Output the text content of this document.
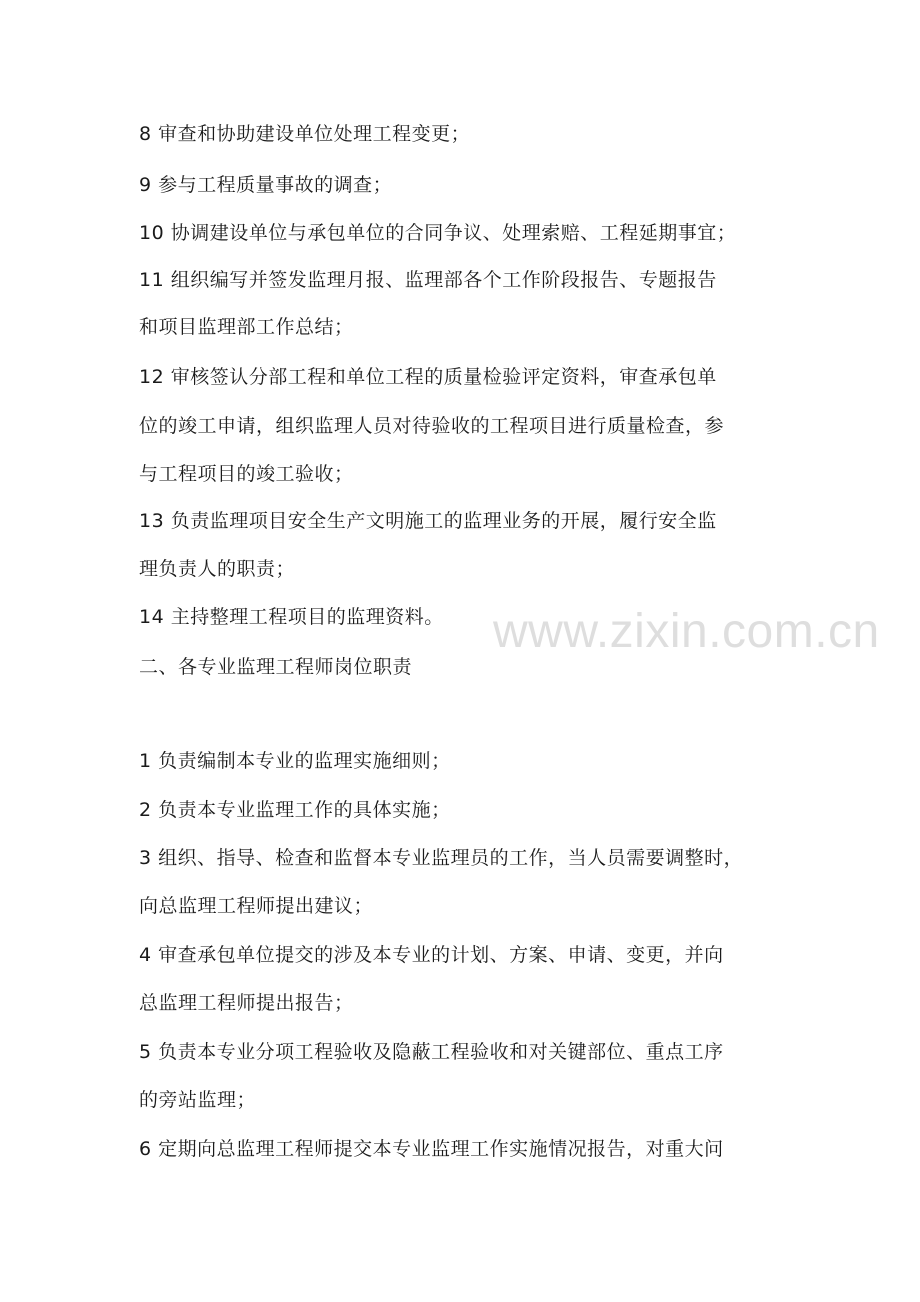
8 审查和协助建设单位处理工程变更；
9 参与工程质量事故的调查；
10 协调建设单位与承包单位的合同争议、处理索赔、工程延期事宜；
11 组织编写并签发监理月报、监理部各个工作阶段报告、专题报告
和项目监理部工作总结；
12 审核签认分部工程和单位工程的质量检验评定资料，审查承包单
位的竣工申请，组织监理人员对待验收的工程项目进行质量检查，参
与工程项目的竣工验收；
13 负责监理项目安全生产文明施工的监理业务的开展，履行安全监
理负责人的职责；
14 主持整理工程项目的监理资料。
二、各专业监理工程师岗位职责
1 负责编制本专业的监理实施细则；
2 负责本专业监理工作的具体实施；
3 组织、指导、检查和监督本专业监理员的工作，当人员需要调整时，
向总监理工程师提出建议；
4 审查承包单位提交的涉及本专业的计划、方案、申请、变更，并向
总监理工程师提出报告；
5 负责本专业分项工程验收及隐蔽工程验收和对关键部位、重点工序
的旁站监理；
6 定期向总监理工程师提交本专业监理工作实施情况报告，对重大问
www.zixin.com.cn
